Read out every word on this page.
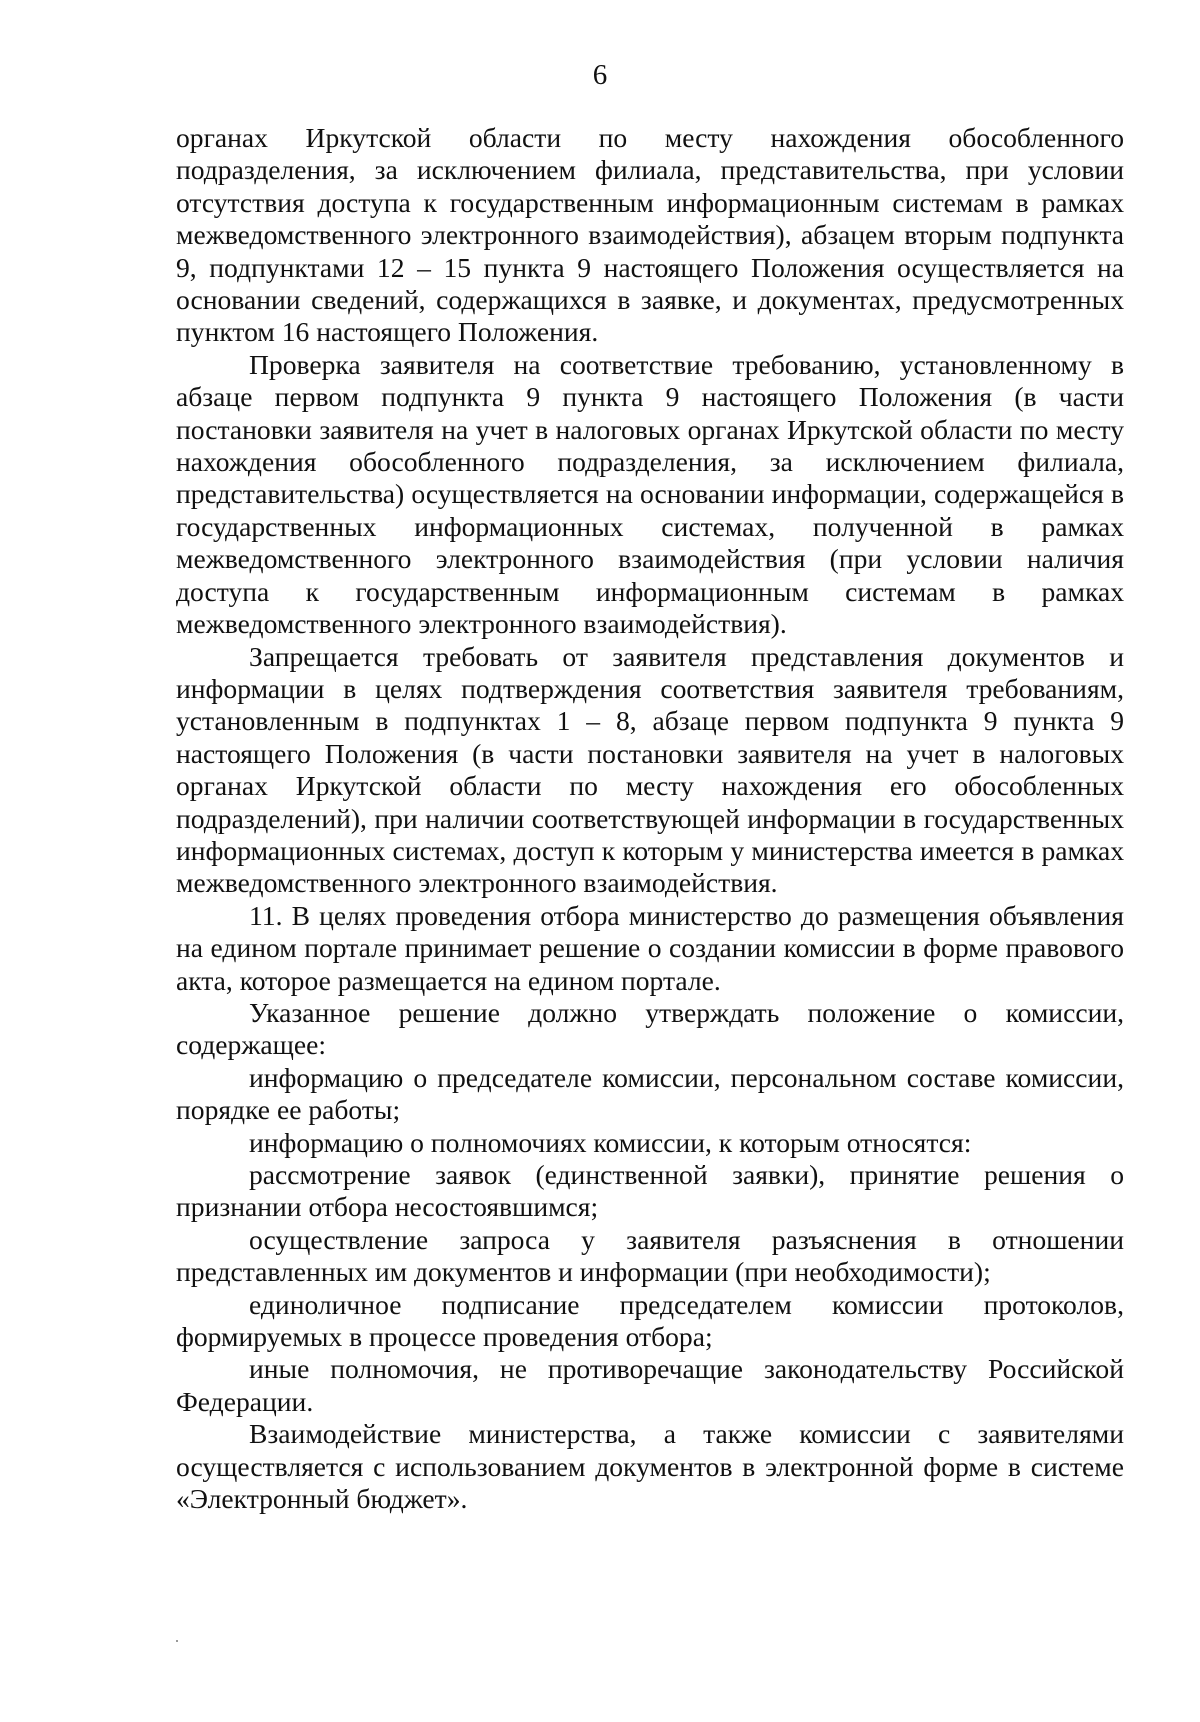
6

органах Иркутской области по месту нахождения обособленного подразделения, за исключением филиала, представительства, при условии отсутствия доступа к государственным информационным системам в рамках межведомственного электронного взаимодействия), абзацем вторым подпункта 9, подпунктами 12 – 15 пункта 9 настоящего Положения осуществляется на основании сведений, содержащихся в заявке, и документах, предусмотренных пунктом 16 настоящего Положения.

Проверка заявителя на соответствие требованию, установленному в абзаце первом подпункта 9 пункта 9 настоящего Положения (в части постановки заявителя на учет в налоговых органах Иркутской области по месту нахождения обособленного подразделения, за исключением филиала, представительства) осуществляется на основании информации, содержащейся в государственных информационных системах, полученной в рамках межведомственного электронного взаимодействия (при условии наличия доступа к государственным информационным системам в рамках межведомственного электронного взаимодействия).

Запрещается требовать от заявителя представления документов и информации в целях подтверждения соответствия заявителя требованиям, установленным в подпунктах 1 – 8, абзаце первом подпункта 9 пункта 9 настоящего Положения (в части постановки заявителя на учет в налоговых органах Иркутской области по месту нахождения его обособленных подразделений), при наличии соответствующей информации в государственных информационных системах, доступ к которым у министерства имеется в рамках межведомственного электронного взаимодействия.

11. В целях проведения отбора министерство до размещения объявления на едином портале принимает решение о создании комиссии в форме правового акта, которое размещается на едином портале.

Указанное решение должно утверждать положение о комиссии, содержащее:

информацию о председателе комиссии, персональном составе комиссии, порядке ее работы;

информацию о полномочиях комиссии, к которым относятся:

рассмотрение заявок (единственной заявки), принятие решения о признании отбора несостоявшимся;

осуществление запроса у заявителя разъяснения в отношении представленных им документов и информации (при необходимости);

единоличное подписание председателем комиссии протоколов, формируемых в процессе проведения отбора;

иные полномочия, не противоречащие законодательству Российской Федерации.

Взаимодействие министерства, а также комиссии с заявителями осуществляется с использованием документов в электронной форме в системе «Электронный бюджет».
